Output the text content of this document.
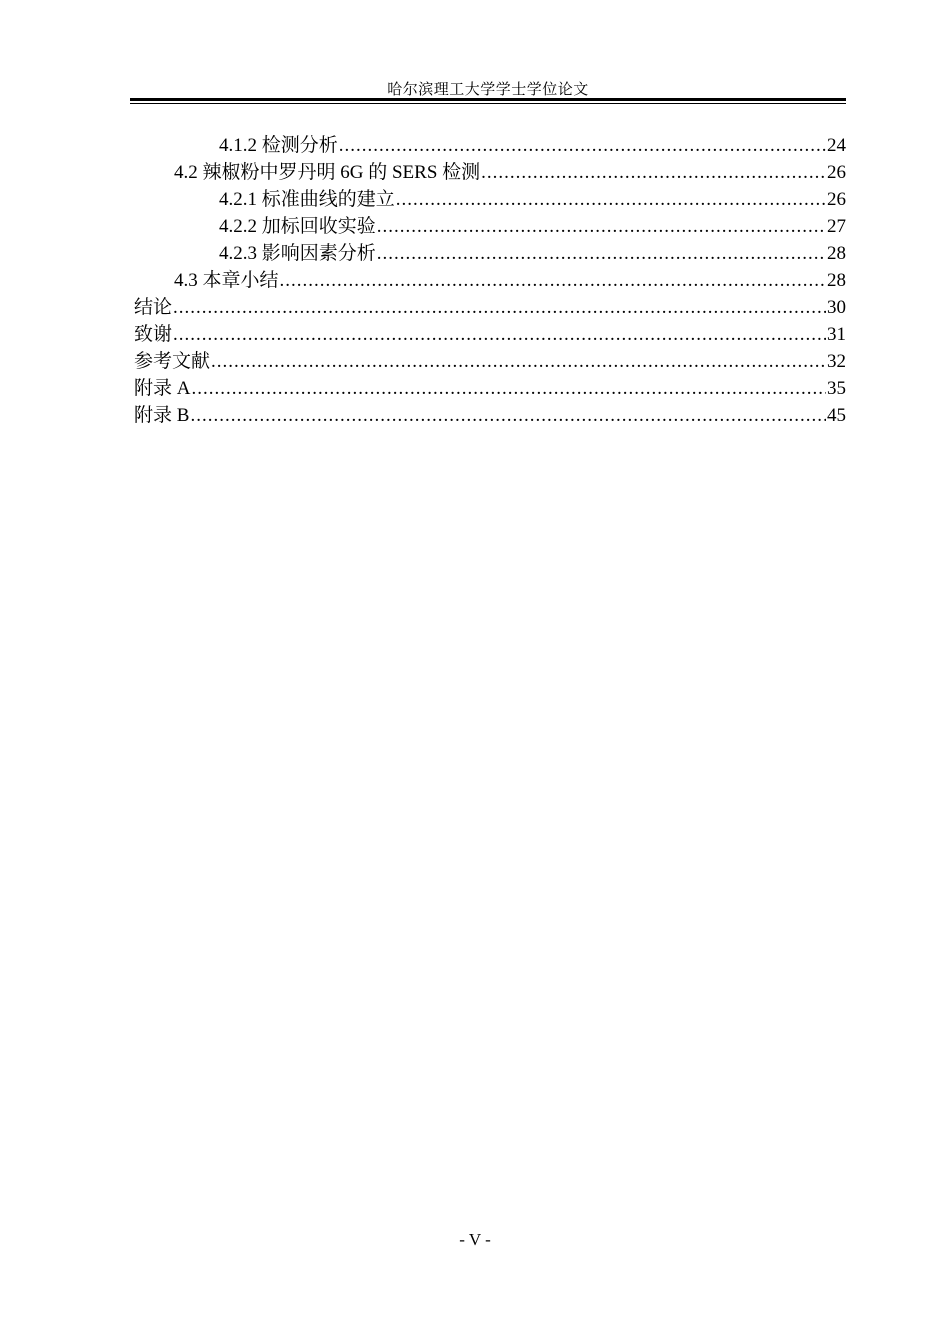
哈尔滨理工大学学士学位论文
4.1.2 检测分析 .....	24
4.2 辣椒粉中罗丹明 6G 的 SERS 检测 .....	26
4.2.1 标准曲线的建立 .....	26
4.2.2 加标回收实验 .....	27
4.2.3 影响因素分析 .....	28
4.3 本章小结 .....	28
结论 .....	30
致谢 .....	31
参考文献 .....	32
附录 A .....	35
附录 B .....	45
- V -
